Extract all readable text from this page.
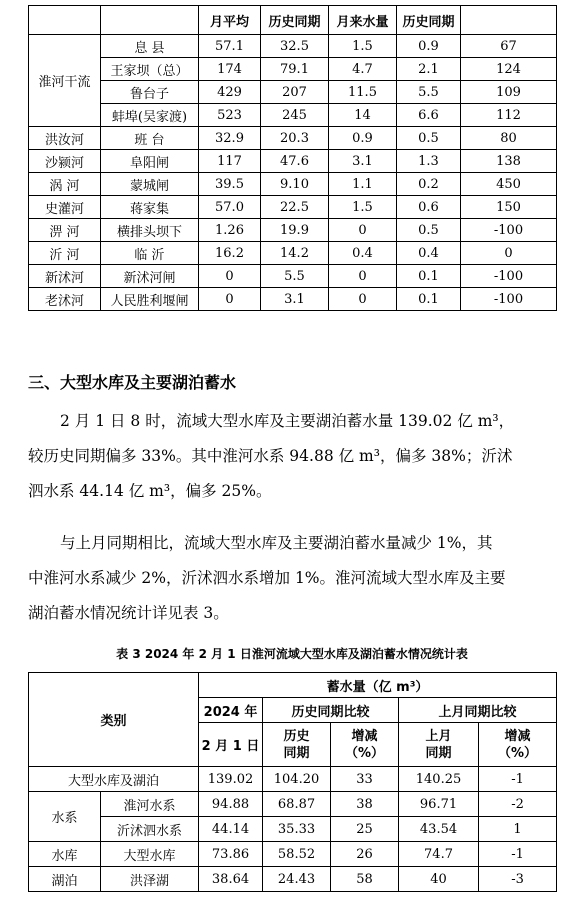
		月平均	历史同期	月来水量	历史同期	
淮河干流	息 县	57.1	32.5	1.5	0.9	67
	王家坝（总）	174	79.1	4.7	2.1	124
	鲁台子	429	207	11.5	5.5	109
	蚌埠(吴家渡)	523	245	14	6.6	112
洪汝河	班 台	32.9	20.3	0.9	0.5	80
沙颍河	阜阳闸	117	47.6	3.1	1.3	138
涡 河	蒙城闸	39.5	9.10	1.1	0.2	450
史灌河	蒋家集	57.0	22.5	1.5	0.6	150
淠 河	横排头坝下	1.26	19.9	0	0.5	-100
沂 河	临 沂	16.2	14.2	0.4	0.4	0
新沭河	新沭河闸	0	5.5	0	0.1	-100
老沭河	人民胜利堰闸	0	3.1	0	0.1	-100
三、大型水库及主要湖泊蓄水

2 月 1 日 8 时，流域大型水库及主要湖泊蓄水量 139.02 亿 m³，

较历史同期偏多 33%。其中淮河水系 94.88 亿 m³，偏多 38%；沂沭

泗水系 44.14 亿 m³，偏多 25%。

与上月同期相比，流域大型水库及主要湖泊蓄水量减少 1%，其

中淮河水系减少 2%，沂沭泗水系增加 1%。淮河流域大型水库及主要

湖泊蓄水情况统计详见表 3。

表 3 2024 年 2 月 1 日淮河流域大型水库及湖泊蓄水情况统计表
类别		蓄水量（亿 m³）				
		2024 年	历史同期比较		上月同期比较	
		2 月 1 日	历史同期	增减（%）	上月同期	增减（%）
大型水库及湖泊		139.02	104.20	33	140.25	-1
水系	淮河水系	94.88	68.87	38	96.71	-2
	沂沭泗水系	44.14	35.33	25	43.54	1
水库	大型水库	73.86	58.52	26	74.7	-1
湖泊	洪泽湖	38.64	24.43	58	40	-3
